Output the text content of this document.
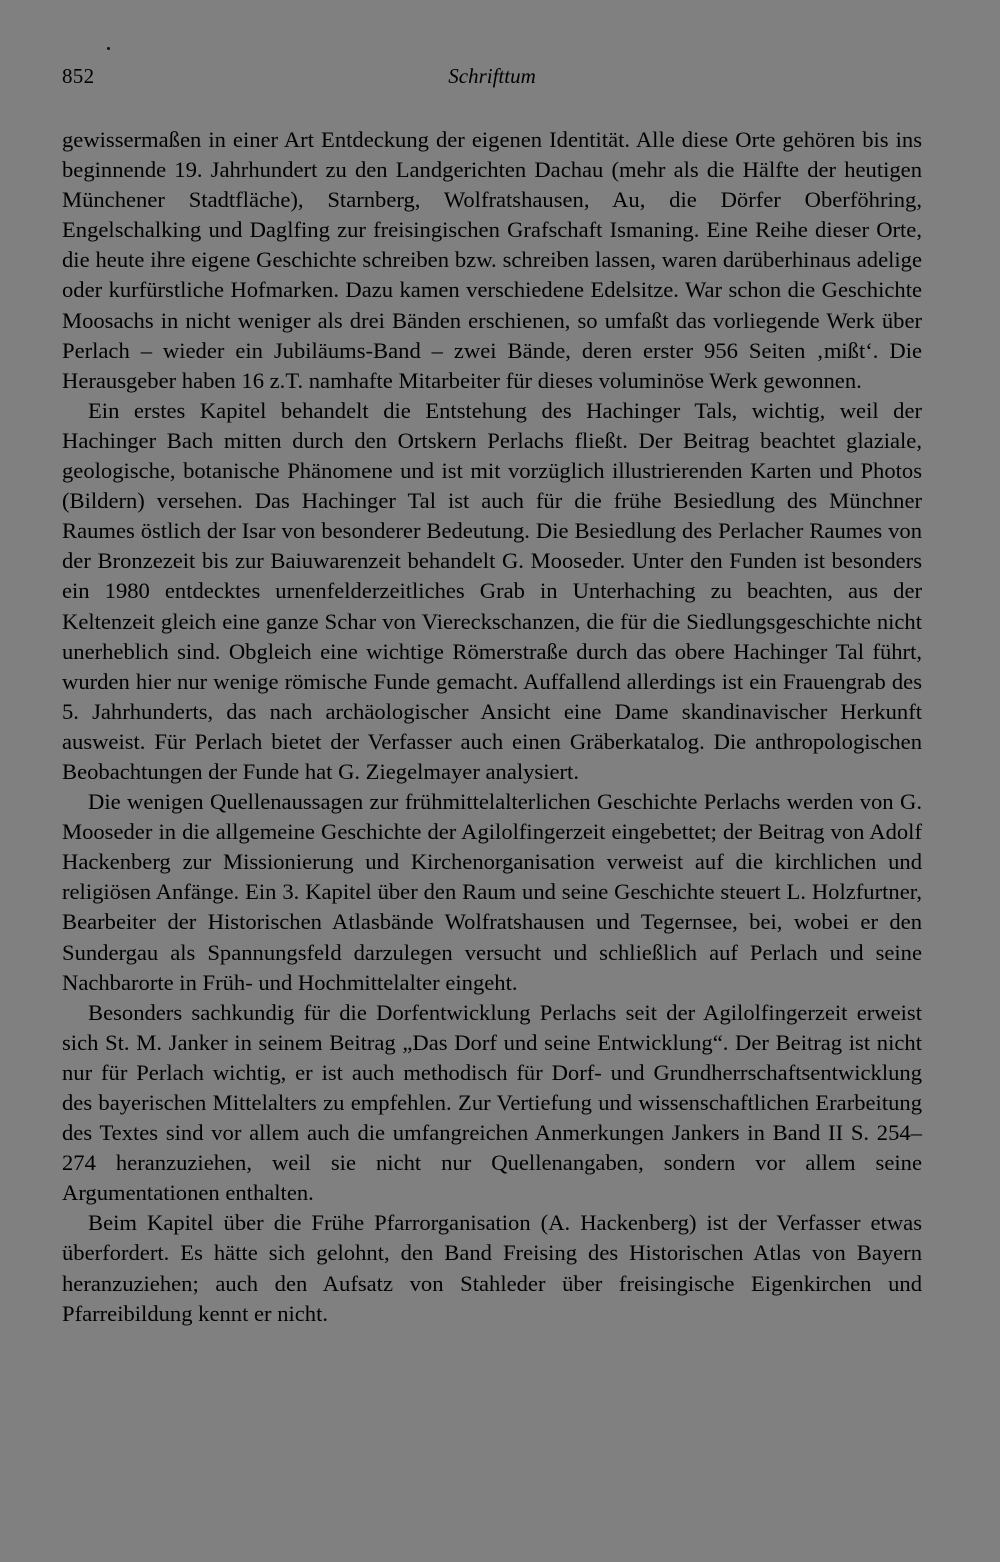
852	Schrifttum

gewissermaßen in einer Art Entdeckung der eigenen Identität. Alle diese Orte gehören bis ins beginnende 19. Jahrhundert zu den Landgerichten Dachau (mehr als die Hälfte der heutigen Münchener Stadtfläche), Starnberg, Wolfratshausen, Au, die Dörfer Oberföhring, Engelschalking und Daglfing zur freisingischen Grafschaft Ismaning. Eine Reihe dieser Orte, die heute ihre eigene Geschichte schreiben bzw. schreiben lassen, waren darüberhinaus adelige oder kurfürstliche Hofmarken. Dazu kamen verschiedene Edelsitze. War schon die Geschichte Moosachs in nicht weniger als drei Bänden erschienen, so umfaßt das vorliegende Werk über Perlach – wieder ein Jubiläums-Band – zwei Bände, deren erster 956 Seiten ‚mißt‘. Die Herausgeber haben 16 z.T. namhafte Mitarbeiter für dieses voluminöse Werk gewonnen.

Ein erstes Kapitel behandelt die Entstehung des Hachinger Tals, wichtig, weil der Hachinger Bach mitten durch den Ortskern Perlachs fließt. Der Beitrag beachtet glaziale, geologische, botanische Phänomene und ist mit vorzüglich illustrierenden Karten und Photos (Bildern) versehen. Das Hachinger Tal ist auch für die frühe Besiedlung des Münchner Raumes östlich der Isar von besonderer Bedeutung. Die Besiedlung des Perlacher Raumes von der Bronzezeit bis zur Baiuwarenzeit behandelt G. Mooseder. Unter den Funden ist besonders ein 1980 entdecktes urnenfelderzeitliches Grab in Unterhaching zu beachten, aus der Keltenzeit gleich eine ganze Schar von Viereckschanzen, die für die Siedlungsgeschichte nicht unerheblich sind. Obgleich eine wichtige Römerstraße durch das obere Hachinger Tal führt, wurden hier nur wenige römische Funde gemacht. Auffallend allerdings ist ein Frauengrab des 5. Jahrhunderts, das nach archäologischer Ansicht eine Dame skandinavischer Herkunft ausweist. Für Perlach bietet der Verfasser auch einen Gräberkatalog. Die anthropologischen Beobachtungen der Funde hat G. Ziegelmayer analysiert.

Die wenigen Quellenaussagen zur frühmittelalterlichen Geschichte Perlachs werden von G. Mooseder in die allgemeine Geschichte der Agilolfingerzeit eingebettet; der Beitrag von Adolf Hackenberg zur Missionierung und Kirchenorganisation verweist auf die kirchlichen und religiösen Anfänge. Ein 3. Kapitel über den Raum und seine Geschichte steuert L. Holzfurtner, Bearbeiter der Historischen Atlasbände Wolfratshausen und Tegernsee, bei, wobei er den Sundergau als Spannungsfeld darzulegen versucht und schließlich auf Perlach und seine Nachbarorte in Früh- und Hochmittelalter eingeht.

Besonders sachkundig für die Dorfentwicklung Perlachs seit der Agilolfingerzeit erweist sich St. M. Janker in seinem Beitrag „Das Dorf und seine Entwicklung“. Der Beitrag ist nicht nur für Perlach wichtig, er ist auch methodisch für Dorf- und Grundherrschaftsentwicklung des bayerischen Mittelalters zu empfehlen. Zur Vertiefung und wissenschaftlichen Erarbeitung des Textes sind vor allem auch die umfangreichen Anmerkungen Jankers in Band II S. 254–274 heranzuziehen, weil sie nicht nur Quellenangaben, sondern vor allem seine Argumentationen enthalten.

Beim Kapitel über die Frühe Pfarrorganisation (A. Hackenberg) ist der Verfasser etwas überfordert. Es hätte sich gelohnt, den Band Freising des Historischen Atlas von Bayern heranzuziehen; auch den Aufsatz von Stahleder über freisingische Eigenkirchen und Pfarreibildung kennt er nicht.
